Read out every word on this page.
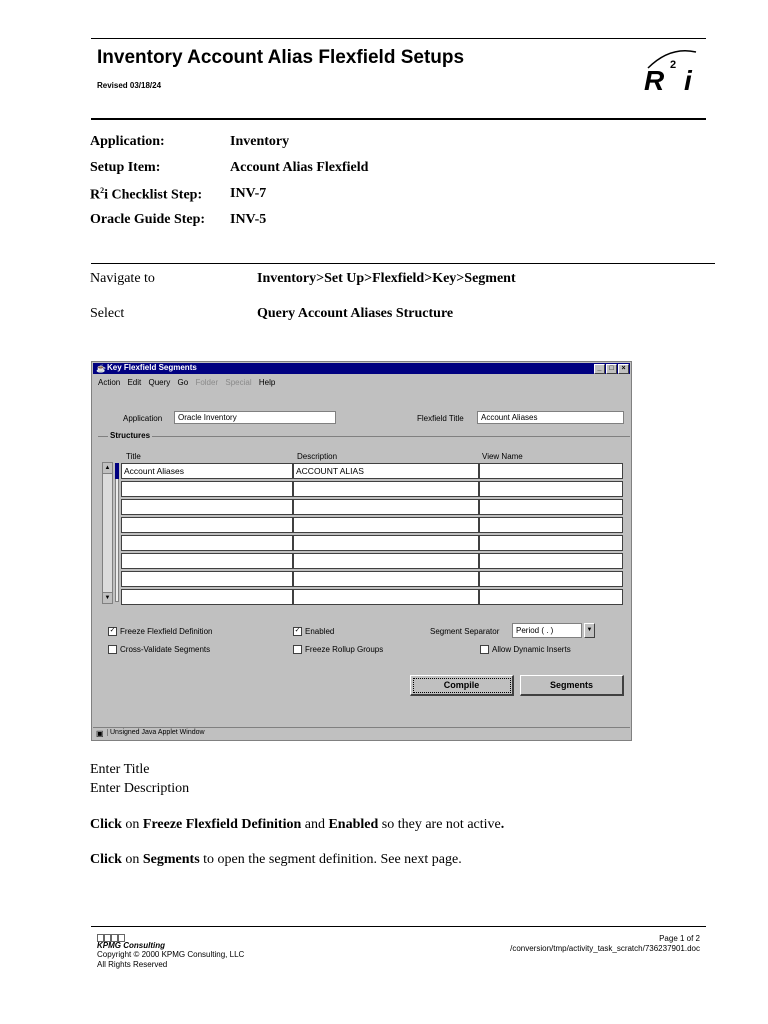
Inventory Account Alias Flexfield Setups
Revised 03/18/24	R 2 i
Application:	Inventory
Setup Item:	Account Alias Flexfield
$R^2i$ Checklist Step: INV-7
Oracle Guide Step: INV-5
Navigate to	Inventory>Set Up>Flexfield>Key>Segment
Select	Query Account Aliases Structure
☕ Key Flexfield Segments	_	□	×
Action Edit Query Go Folder Special Help
Application	Oracle Inventory	Flexfield Title	Account Aliases
Structures
Title	Description	View Name
▲
▼
Account Aliases	ACCOUNT ALIAS
✓ Freeze Flexfield Definition	✓ Enabled	Segment Separator	Period ( . )	▼
Cross-Validate Segments	Freeze Rollup Groups	Allow Dynamic Inserts
Compile	Segments
▣ Unsigned Java Applet Window
Enter Title
Enter Description
Click on Freeze Flexfield Definition and Enabled so they are not active.
Click on Segments to open the segment definition. See next page.
KPMG Consulting
Copyright © 2000 KPMG Consulting, LLC
All Rights Reserved
Page 1 of 2
/conversion/tmp/activity_task_scratch/736237901.doc
